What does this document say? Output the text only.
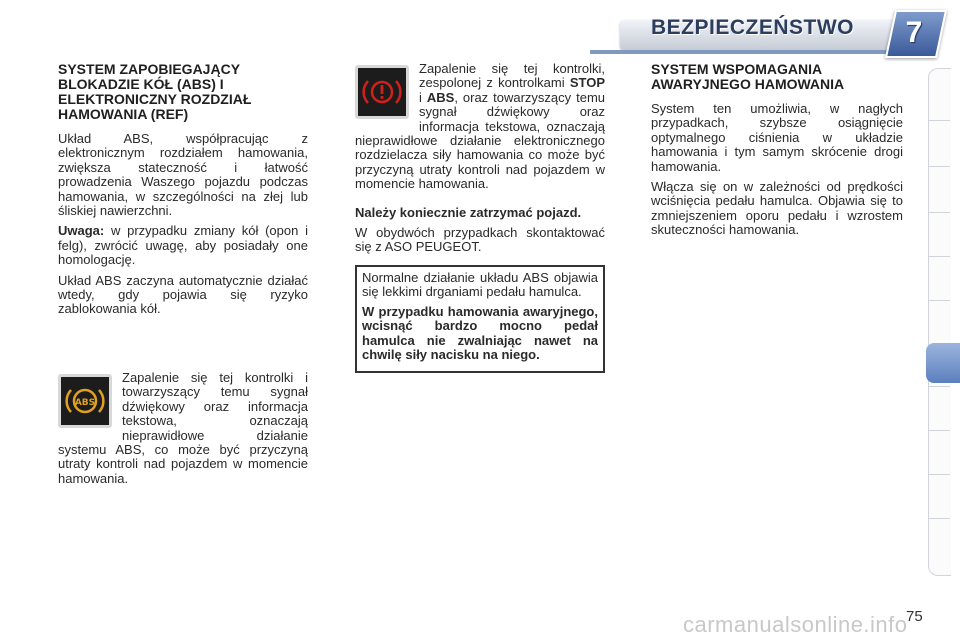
BEZPIECZEŃSTWO	7
SYSTEM ZAPOBIEGAJĄCY BLOKADZIE KÓŁ (ABS) I ELEKTRONICZNY ROZDZIAŁ HAMOWANIA (REF)

Układ ABS, współpracując z elektronicznym rozdziałem hamowania, zwiększa stateczność i łatwość prowadzenia Waszego pojazdu podczas hamowania, w szczególności na złej lub śliskiej nawierzchni.

Uwaga: w przypadku zmiany kół (opon i felg), zwrócić uwagę, aby posiadały one homologację.

Układ ABS zaczyna automatycznie działać wtedy, gdy pojawia się ryzyko zablokowania kół.

ABS

Zapalenie się tej kontrolki i towarzyszący temu sygnał dźwiękowy oraz informacja tekstowa, oznaczają nieprawidłowe działanie systemu ABS, co może być przyczyną utraty kontroli nad pojazdem w momencie hamowania.

Zapalenie się tej kontrolki, zespolonej z kontrolkami STOP i ABS, oraz towarzyszący temu sygnał dźwiękowy oraz informacja tekstowa, oznaczają nieprawidłowe działanie elektronicznego rozdzielacza siły hamowania co może być przyczyną utraty kontroli nad pojazdem w momencie hamowania.

Należy koniecznie zatrzymać pojazd.

W obydwóch przypadkach skontaktować się z ASO PEUGEOT.

Normalne działanie układu ABS objawia się lekkimi drganiami pedału hamulca.

W przypadku hamowania awaryjnego, wcisnąć bardzo mocno pedał hamulca nie zwalniając nawet na chwilę siły nacisku na niego.

SYSTEM WSPOMAGANIA AWARYJNEGO HAMOWANIA

System ten umożliwia, w nagłych przypadkach, szybsze osiągnięcie optymalnego ciśnienia w układzie hamowania i tym samym skrócenie drogi hamowania.

Włącza się on w zależności od prędkości wciśnięcia pedału hamulca. Objawia się to zmniejszeniem oporu pedału i wzrostem skuteczności hamowania.

carmanualsonline.info
75
